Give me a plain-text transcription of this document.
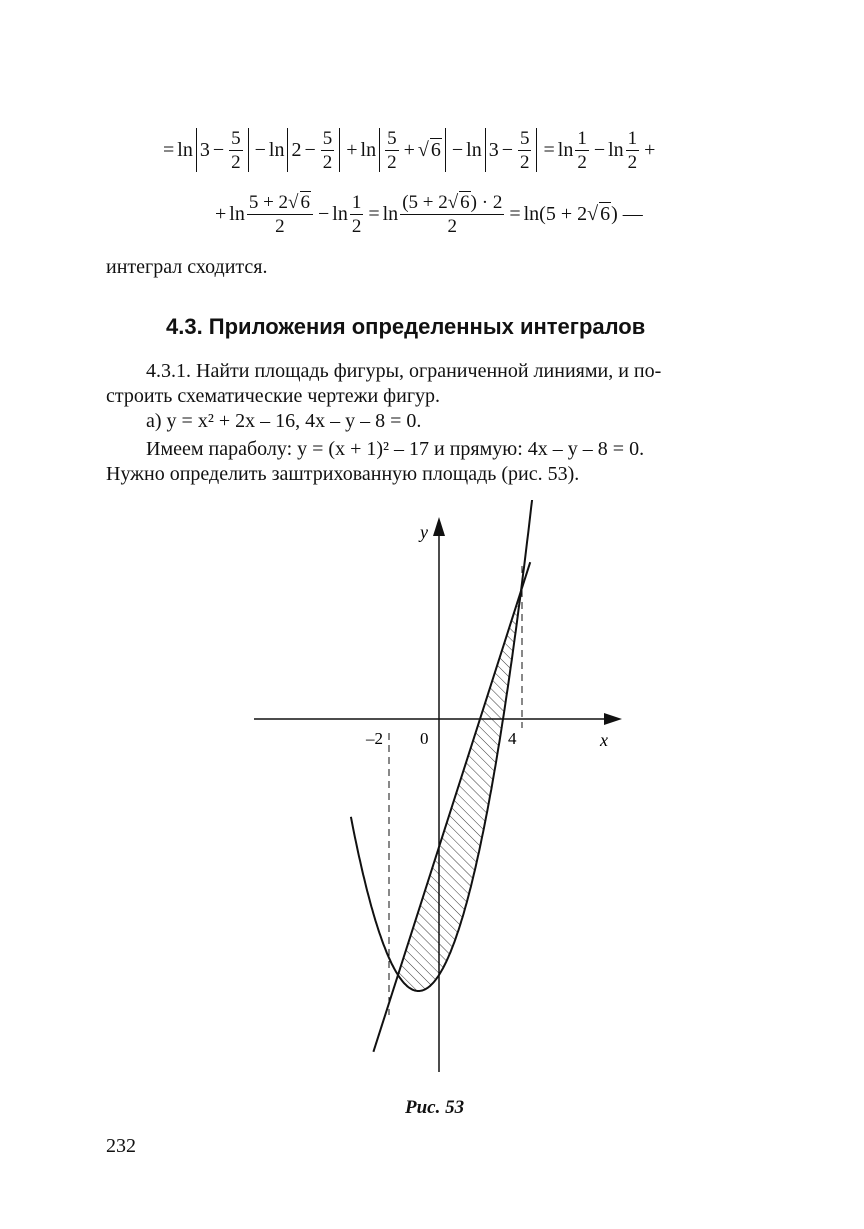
= $\ln 3 - \frac{5}{2} - \ln 2 - \frac{5}{2} + \ln \frac{5}{2}$ + √ $6 - \ln 3 - \frac{5}{2} = \ln \frac{1}{2} - \ln \frac{1}{2}$ +
+ $\ln \frac{5 + 2√ 6}{2} - \ln \frac{1}{2} = \ln \frac{(5 + 2√ 6) \cdot 2}{2} = \ln(5 + 2√$ 6) —
интеграл сходится.
4.3. Приложения определенных интегралов
4.3.1. Найти площадь фигуры, ограниченной линиями, и по-
строить схематические чертежи фигур.
а) y = x² + 2x – 16, 4x – y – 8 = 0.
Имеем параболу: y = (x + 1)² – 17 и прямую: 4x – y – 8 = 0.
Нужно определить заштрихованную площадь (рис. 53).
y
x
–2 0	4
Рис. 53
232
